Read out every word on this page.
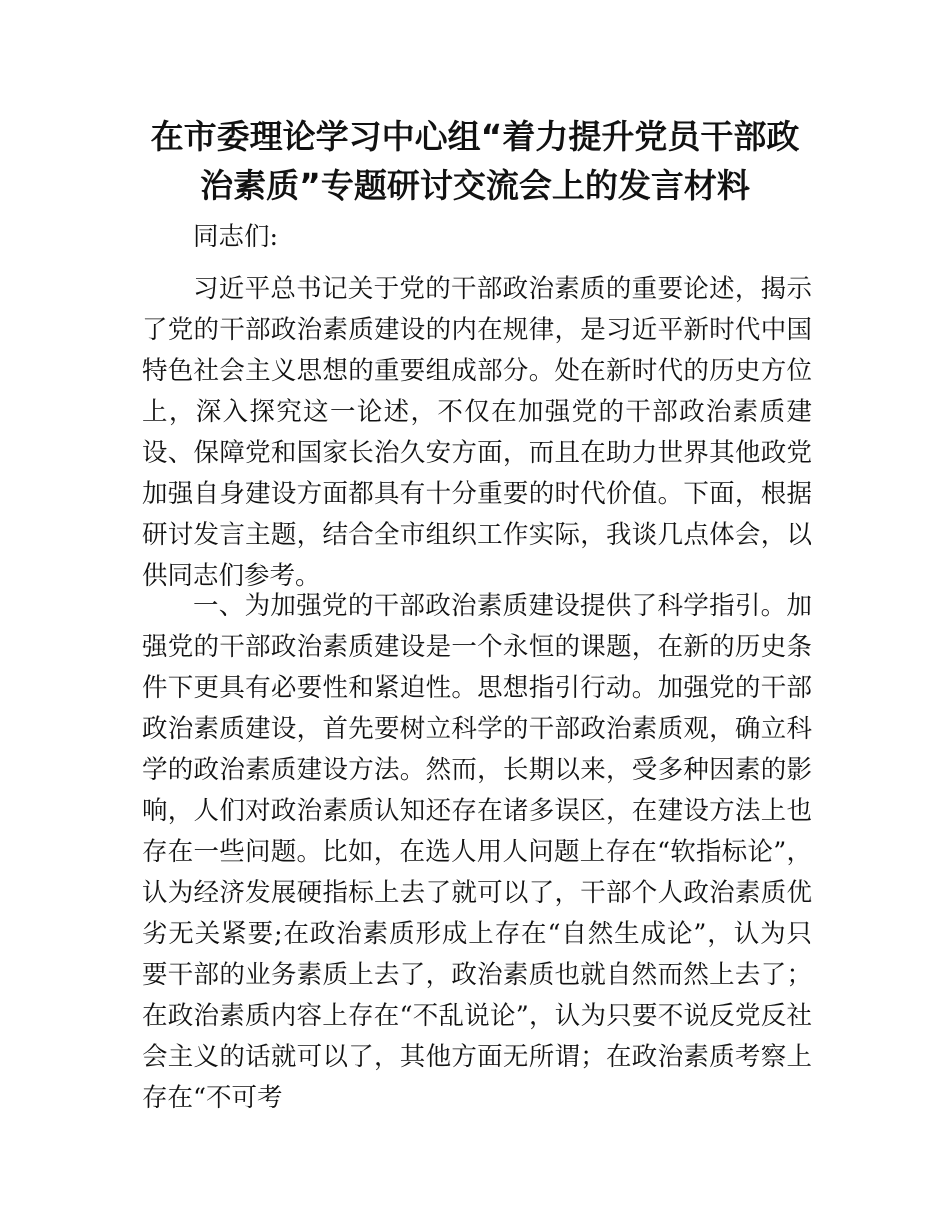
在市委理论学习中心组“着力提升党员干部政治素质”专题研讨交流会上的发言材料

同志们:

习近平总书记关于党的干部政治素质的重要论述，揭示了党的干部政治素质建设的内在规律，是习近平新时代中国特色社会主义思想的重要组成部分。处在新时代的历史方位上，深入探究这一论述，不仅在加强党的干部政治素质建设、保障党和国家长治久安方面，而且在助力世界其他政党加强自身建设方面都具有十分重要的时代价值。下面，根据研讨发言主题，结合全市组织工作实际，我谈几点体会，以供同志们参考。

一、为加强党的干部政治素质建设提供了科学指引。加强党的干部政治素质建设是一个永恒的课题，在新的历史条件下更具有必要性和紧迫性。思想指引行动。加强党的干部政治素质建设，首先要树立科学的干部政治素质观，确立科学的政治素质建设方法。然而，长期以来，受多种因素的影响，人们对政治素质认知还存在诸多误区，在建设方法上也存在一些问题。比如，在选人用人问题上存在“软指标论”，认为经济发展硬指标上去了就可以了，干部个人政治素质优劣无关紧要;在政治素质形成上存在“自然生成论”，认为只要干部的业务素质上去了，政治素质也就自然而然上去了；在政治素质内容上存在“不乱说论”，认为只要不说反党反社会主义的话就可以了，其他方面无所谓；在政治素质考察上存在“不可考
